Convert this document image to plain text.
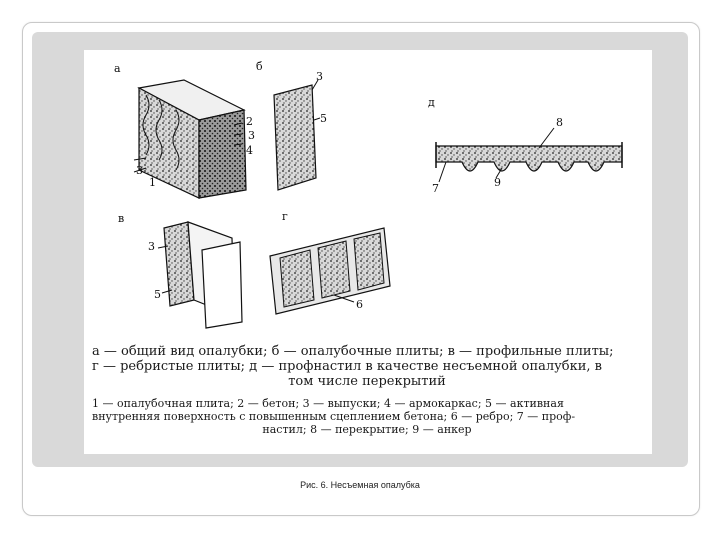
а
2
3
4
3
1
б
3
5
д
8
9
7
в
3
5
г
6

а — общий вид опалубки; б — опалубочные плиты; в — профильные плиты;
г — ребристые плиты; д — профнастил в качестве несъемной опалубки, в
том числе перекрытий

1 — опалубочная плита; 2 — бетон; 3 — выпуски; 4 — армокаркас; 5 — активная
внутренняя поверхность с повышенным сцеплением бетона; 6 — ребро; 7 — проф-
настил; 8 — перекрытие; 9 — анкер

Рис. 6. Несъемная опалубка
